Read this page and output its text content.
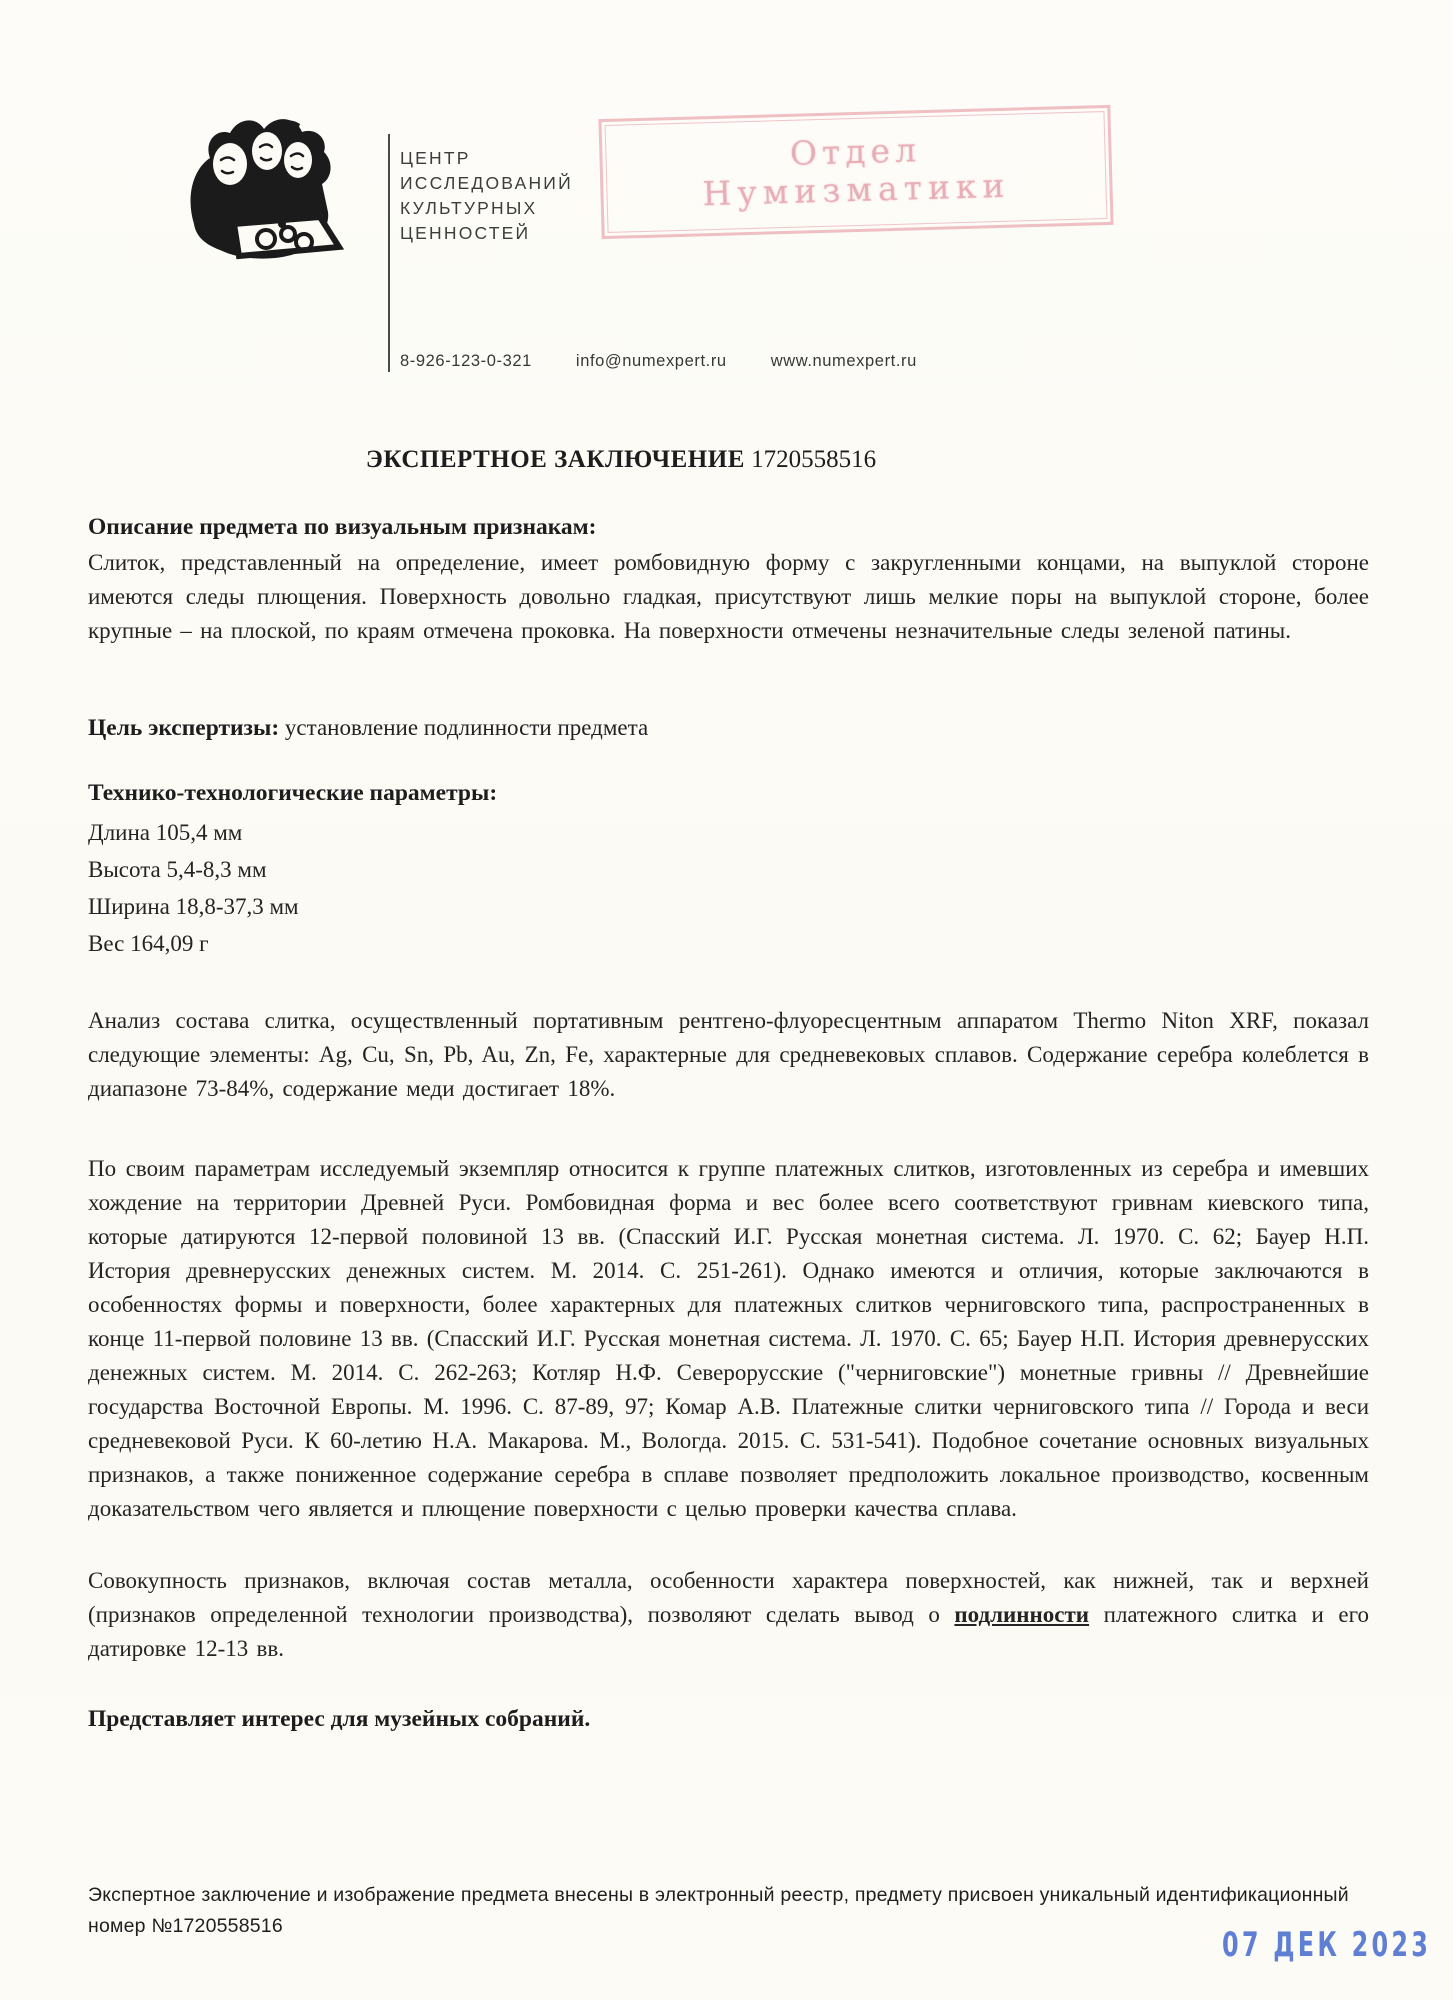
ЦЕНТР
ИССЛЕДОВАНИЙ
КУЛЬТУРНЫХ
ЦЕННОСТЕЙ
Отдел
Нумизматики
8-926-123-0-321	info@numexpert.ru	www.numexpert.ru
ЭКСПЕРТНОЕ ЗАКЛЮЧЕНИЕ 1720558516
Описание предмета по визуальным признакам:
Слиток, представленный на определение, имеет ромбовидную форму с закругленными концами, на выпуклой стороне имеются следы плющения. Поверхность довольно гладкая, присутствуют лишь мелкие поры на выпуклой стороне, более крупные – на плоской, по краям отмечена проковка. На поверхности отмечены незначительные следы зеленой патины.
Цель экспертизы: установление подлинности предмета
Технико-технологические параметры:
Длина 105,4 мм
Высота 5,4-8,3 мм
Ширина 18,8-37,3 мм
Вес 164,09 г
Анализ состава слитка, осуществленный портативным рентгено-флуоресцентным аппаратом Thermo Niton XRF, показал следующие элементы: Ag, Cu, Sn, Pb, Au, Zn, Fe, характерные для средневековых сплавов. Содержание серебра колеблется в диапазоне 73-84%, содержание меди достигает 18%.
По своим параметрам исследуемый экземпляр относится к группе платежных слитков, изготовленных из серебра и имевших хождение на территории Древней Руси. Ромбовидная форма и вес более всего соответствуют гривнам киевского типа, которые датируются 12-первой половиной 13 вв. (Спасский И.Г. Русская монетная система. Л. 1970. С. 62; Бауер Н.П. История древнерусских денежных систем. М. 2014. С. 251-261). Однако имеются и отличия, которые заключаются в особенностях формы и поверхности, более характерных для платежных слитков черниговского типа, распространенных в конце 11-первой половине 13 вв. (Спасский И.Г. Русская монетная система. Л. 1970. С. 65; Бауер Н.П. История древнерусских денежных систем. М. 2014. С. 262-263; Котляр Н.Ф. Северорусские ("черниговские") монетные гривны // Древнейшие государства Восточной Европы. М. 1996. С. 87-89, 97; Комар А.В. Платежные слитки черниговского типа // Города и веси средневековой Руси. К 60-летию Н.А. Макарова. М., Вологда. 2015. С. 531-541). Подобное сочетание основных визуальных признаков, а также пониженное содержание серебра в сплаве позволяет предположить локальное производство, косвенным доказательством чего является и плющение поверхности с целью проверки качества сплава.
Совокупность признаков, включая состав металла, особенности характера поверхностей, как нижней, так и верхней (признаков определенной технологии производства), позволяют сделать вывод о подлинности платежного слитка и его датировке 12-13 вв.
Представляет интерес для музейных собраний.
Экспертное заключение и изображение предмета внесены в электронный реестр, предмету присвоен уникальный идентификационный номер №1720558516	07 ДЕК 2023
